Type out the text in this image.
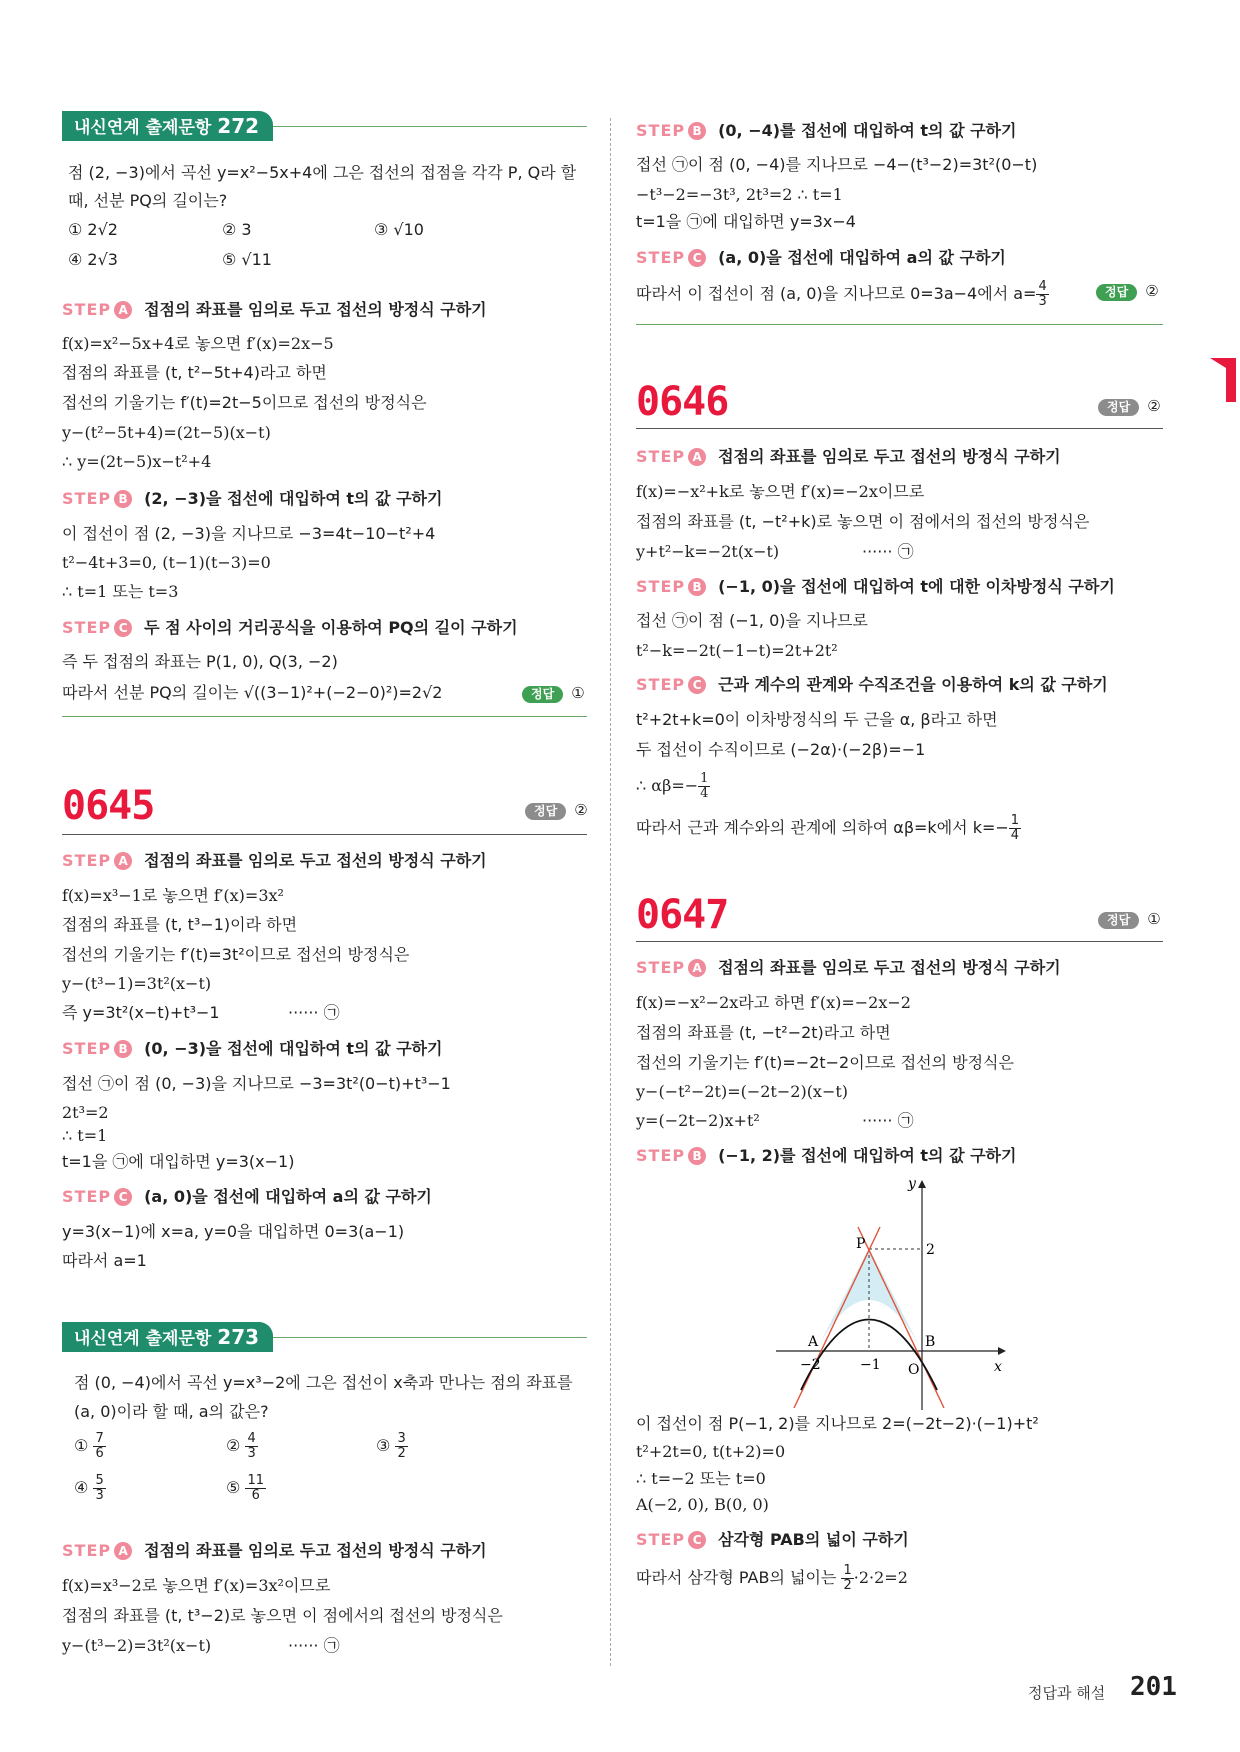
내신연계 출제문항 272
점 (2, −3)에서 곡선 y=x²−5x+4에 그은 접선의 접점을 각각 P, Q라 할
때, 선분 PQ의 길이는?
① 2√2	② 3	③ √10
④ 2√3	⑤ √11
STEP A 접점의 좌표를 임의로 두고 접선의 방정식 구하기
f(x)=x²−5x+4로 놓으면 f′(x)=2x−5
접점의 좌표를 (t, t²−5t+4)라고 하면
접선의 기울기는 f′(t)=2t−5이므로 접선의 방정식은
y−(t²−5t+4)=(2t−5)(x−t)
∴ y=(2t−5)x−t²+4
STEP B (2, −3)을 접선에 대입하여 t의 값 구하기
이 접선이 점 (2, −3)을 지나므로 −3=4t−10−t²+4
t²−4t+3=0, (t−1)(t−3)=0
∴ t=1 또는 t=3
STEP C 두 점 사이의 거리공식을 이용하여 PQ의 길이 구하기
즉 두 접점의 좌표는 P(1, 0), Q(3, −2)
따라서 선분 PQ의 길이는 √((3−1)²+(−2−0)²)=2√2	정답 ①
0645	정답 ②
STEP A 접점의 좌표를 임의로 두고 접선의 방정식 구하기
f(x)=x³−1로 놓으면 f′(x)=3x²
접점의 좌표를 (t, t³−1)이라 하면
접선의 기울기는 f′(t)=3t²이므로 접선의 방정식은
y−(t³−1)=3t²(x−t)
즉 y=3t²(x−t)+t³−1	······ ㉠
STEP B (0, −3)을 접선에 대입하여 t의 값 구하기
접선 ㉠이 점 (0, −3)을 지나므로 −3=3t²(0−t)+t³−1
2t³=2
∴ t=1
t=1을 ㉠에 대입하면 y=3(x−1)
STEP C (a, 0)을 접선에 대입하여 a의 값 구하기
y=3(x−1)에 x=a, y=0을 대입하면 0=3(a−1)
따라서 a=1
내신연계 출제문항 273
점 (0, −4)에서 곡선 y=x³−2에 그은 접선이 x축과 만나는 점의 좌표를
(a, 0)이라 할 때, a의 값은?
① $\frac{7}{6}$	② $\frac{4}{3}$	③ $\frac{3}{2}$
④ $\frac{5}{3}$	⑤ $\frac{11}{6}$
STEP A 접점의 좌표를 임의로 두고 접선의 방정식 구하기
f(x)=x³−2로 놓으면 f′(x)=3x²이므로
접점의 좌표를 (t, t³−2)로 놓으면 이 점에서의 접선의 방정식은
y−(t³−2)=3t²(x−t)	······ ㉠
STEP B (0, −4)를 접선에 대입하여 t의 값 구하기
접선 ㉠이 점 (0, −4)를 지나므로 −4−(t³−2)=3t²(0−t)
−t³−2=−3t³, 2t³=2 ∴ t=1
t=1을 ㉠에 대입하면 y=3x−4
STEP C (a, 0)을 접선에 대입하여 a의 값 구하기
따라서 이 접선이 점 (a, 0)을 지나므로 0=3a−4에서 $a= \frac{4}{3}$	정답 ②
0646	정답 ②
STEP A 접점의 좌표를 임의로 두고 접선의 방정식 구하기
f(x)=−x²+k로 놓으면 f′(x)=−2x이므로
접점의 좌표를 (t, −t²+k)로 놓으면 이 점에서의 접선의 방정식은
y+t²−k=−2t(x−t)	······ ㉠
STEP B (−1, 0)을 접선에 대입하여 t에 대한 이차방정식 구하기
접선 ㉠이 점 (−1, 0)을 지나므로
t²−k=−2t(−1−t)=2t+2t²
STEP C 근과 계수의 관계와 수직조건을 이용하여 k의 값 구하기
t²+2t+k=0이 이차방정식의 두 근을 α, β라고 하면
두 접선이 수직이므로 (−2α)·(−2β)=−1
∴ $\alpha\beta=- \frac{1}{4}$
따라서 근과 계수와의 관계에 의하여 αβ=k에서 $k=- \frac{1}{4}$
0647	정답 ①
STEP A 접점의 좌표를 임의로 두고 접선의 방정식 구하기
f(x)=−x²−2x라고 하면 f′(x)=−2x−2
접점의 좌표를 (t, −t²−2t)라고 하면
접선의 기울기는 f′(t)=−2t−2이므로 접선의 방정식은
y−(−t²−2t)=(−2t−2)(x−t)
y=(−2t−2)x+t²	······ ㉠
STEP B (−1, 2)를 접선에 대입하여 t의 값 구하기
y
x
O
P
A	B
2
−2	−1
이 접선이 점 P(−1, 2)를 지나므로 2=(−2t−2)·(−1)+t²
t²+2t=0, t(t+2)=0
∴ t=−2 또는 t=0
A(−2, 0), B(0, 0)
STEP C 삼각형 PAB의 넓이 구하기
따라서 삼각형 PAB의 넓이는 $\frac{1}{2} \cdot 2\cdot 2=2$
정답과 해설 201
